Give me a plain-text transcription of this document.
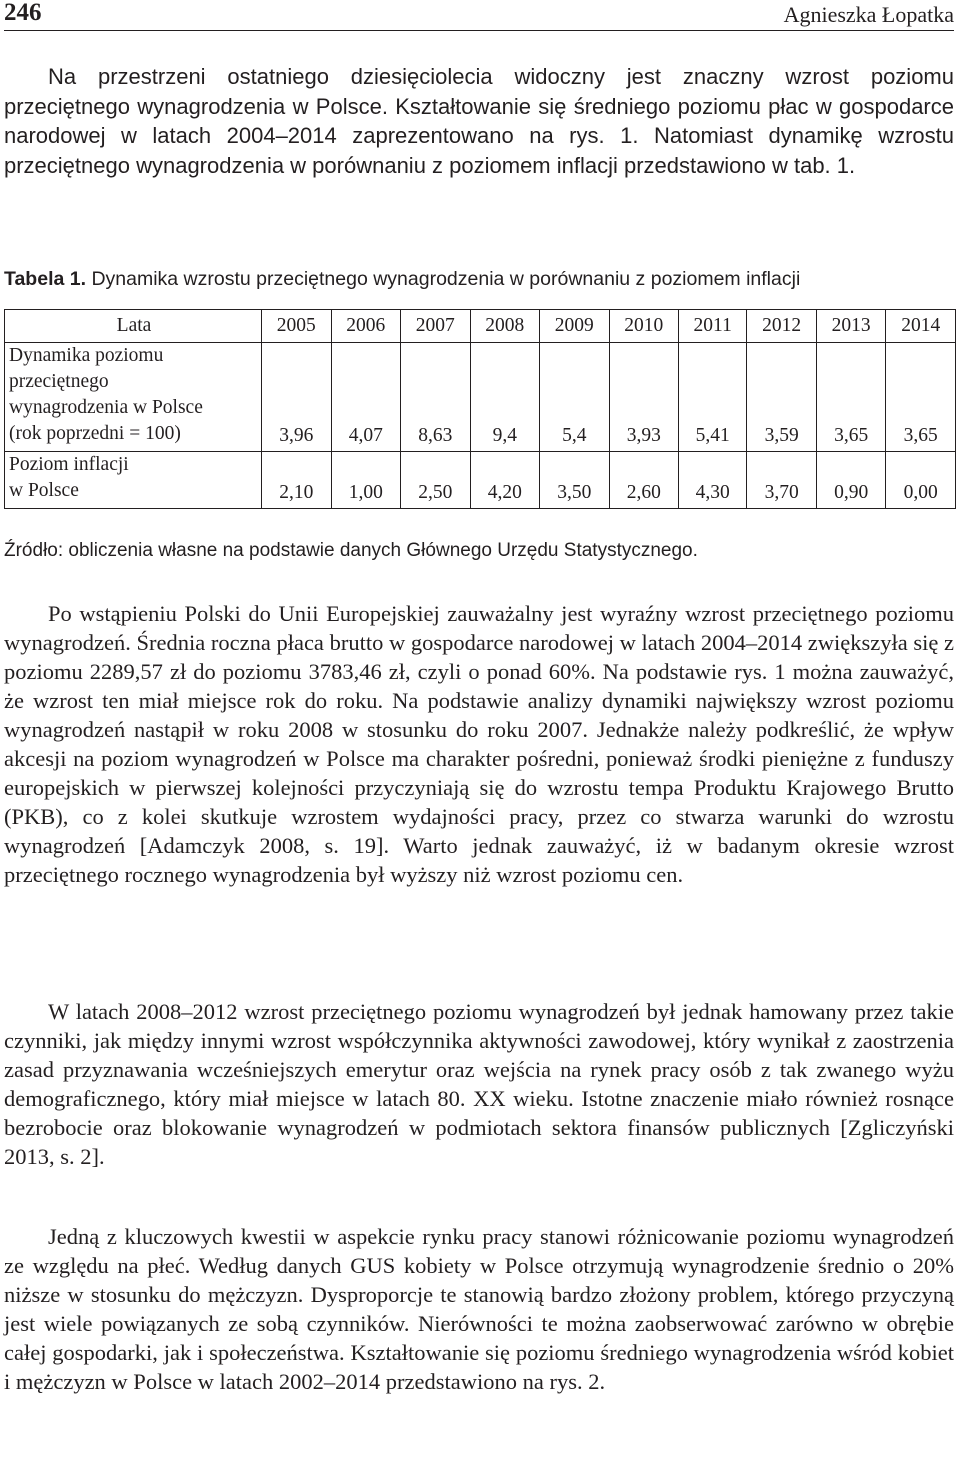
246	Agnieszka Łopatka

Na przestrzeni ostatniego dziesięciolecia widoczny jest znaczny wzrost poziomu przeciętnego wynagrodzenia w Polsce. Kształtowanie się średniego poziomu płac w gospodarce narodowej w latach 2004–2014 zaprezentowano na rys. 1. Natomiast dynamikę wzrostu przeciętnego wynagrodzenia w porównaniu z poziomem inflacji przedstawiono w tab. 1.

Tabela 1. Dynamika wzrostu przeciętnego wynagrodzenia w porównaniu z poziomem inflacji
Lata	2005	2006	2007	2008	2009	2010	2011	2012	2013	2014

Dynamika poziomu
przeciętnego
wynagrodzenia w Polsce
(rok poprzedni = 100)	3,96	4,07	8,63	9,4	5,4	3,93	5,41	3,59	3,65	3,65

Poziom inflacji
w Polsce	2,10	1,00	2,50	4,20	3,50	2,60	4,30	3,70	0,90	0,00
Źródło: obliczenia własne na podstawie danych Głównego Urzędu Statystycznego.

Po wstąpieniu Polski do Unii Europejskiej zauważalny jest wyraźny wzrost przeciętnego poziomu wynagrodzeń. Średnia roczna płaca brutto w gospodarce narodowej w latach 2004–2014 zwiększyła się z poziomu 2289,57 zł do poziomu 3783,46 zł, czyli o ponad 60%. Na podstawie rys. 1 można zauważyć, że wzrost ten miał miejsce rok do roku. Na podstawie analizy dynamiki największy wzrost poziomu wynagrodzeń nastąpił w roku 2008 w stosunku do roku 2007. Jednakże należy podkreślić, że wpływ akcesji na poziom wynagrodzeń w Polsce ma charakter pośredni, ponieważ środki pieniężne z funduszy europejskich w pierwszej kolejności przyczyniają się do wzrostu tempa Produktu Krajowego Brutto (PKB), co z kolei skutkuje wzrostem wydajności pracy, przez co stwarza warunki do wzrostu wynagrodzeń [Adamczyk 2008, s. 19]. Warto jednak zauważyć, iż w badanym okresie wzrost przeciętnego rocznego wynagrodzenia był wyższy niż wzrost poziomu cen.

W latach 2008–2012 wzrost przeciętnego poziomu wynagrodzeń był jednak hamowany przez takie czynniki, jak między innymi wzrost współczynnika aktywności zawodowej, który wynikał z zaostrzenia zasad przyznawania wcześniejszych emerytur oraz wejścia na rynek pracy osób z tak zwanego wyżu demograficznego, który miał miejsce w latach 80. XX wieku. Istotne znaczenie miało również rosnące bezrobocie oraz blokowanie wynagrodzeń w podmiotach sektora finansów publicznych [Zgliczyński 2013, s. 2].

Jedną z kluczowych kwestii w aspekcie rynku pracy stanowi różnicowanie poziomu wynagrodzeń ze względu na płeć. Według danych GUS kobiety w Polsce otrzymują wynagrodzenie średnio o 20% niższe w stosunku do mężczyzn. Dysproporcje te stanowią bardzo złożony problem, którego przyczyną jest wiele powiązanych ze sobą czynników. Nierówności te można zaobserwować zarówno w obrębie całej gospodarki, jak i społeczeństwa. Kształtowanie się poziomu średniego wynagrodzenia wśród kobiet i mężczyzn w Polsce w latach 2002–2014 przedstawiono na rys. 2.
